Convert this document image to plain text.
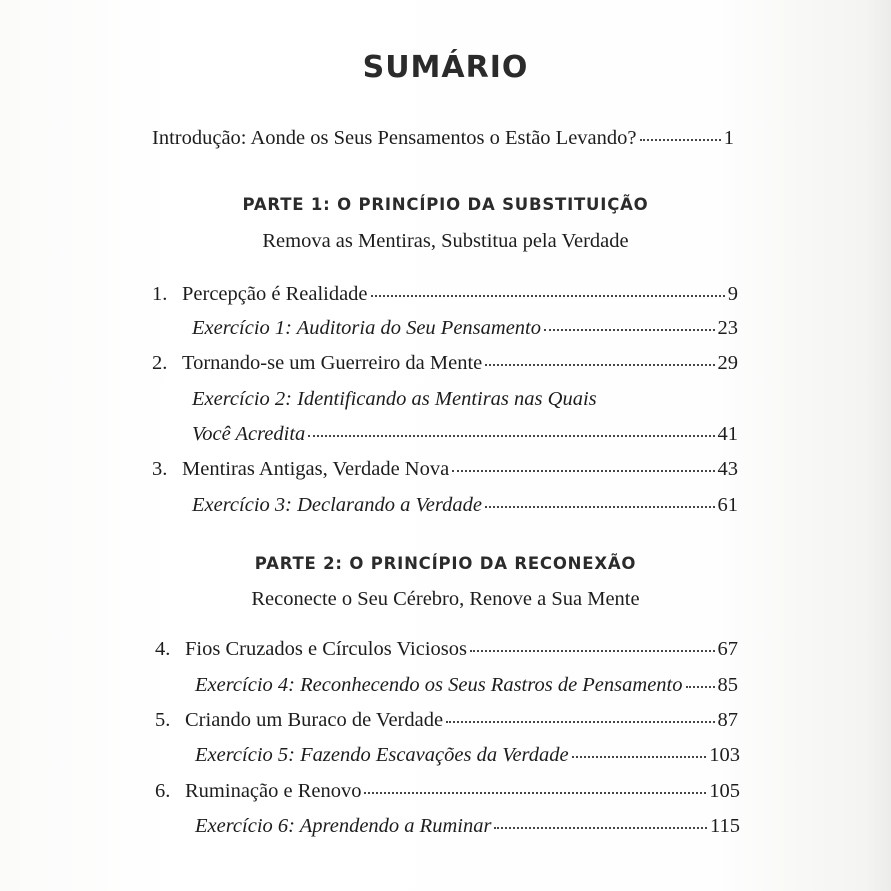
SUMÁRIO
Introdução: Aonde os Seus Pensamentos o Estão Levando?	1
PARTE 1: O PRINCÍPIO DA SUBSTITUIÇÃO
Remova as Mentiras, Substitua pela Verdade
1. Percepção é Realidade	9
Exercício 1: Auditoria do Seu Pensamento	23
2. Tornando-se um Guerreiro da Mente	29
Exercício 2: Identificando as Mentiras nas Quais
Você Acredita	41
3. Mentiras Antigas, Verdade Nova	43
Exercício 3: Declarando a Verdade	61
PARTE 2: O PRINCÍPIO DA RECONEXÃO
Reconecte o Seu Cérebro, Renove a Sua Mente
4. Fios Cruzados e Círculos Viciosos	67
Exercício 4: Reconhecendo os Seus Rastros de Pensamento 85
5. Criando um Buraco de Verdade	87
Exercício 5: Fazendo Escavações da Verdade	103
6. Ruminação e Renovo	105
Exercício 6: Aprendendo a Ruminar	115
